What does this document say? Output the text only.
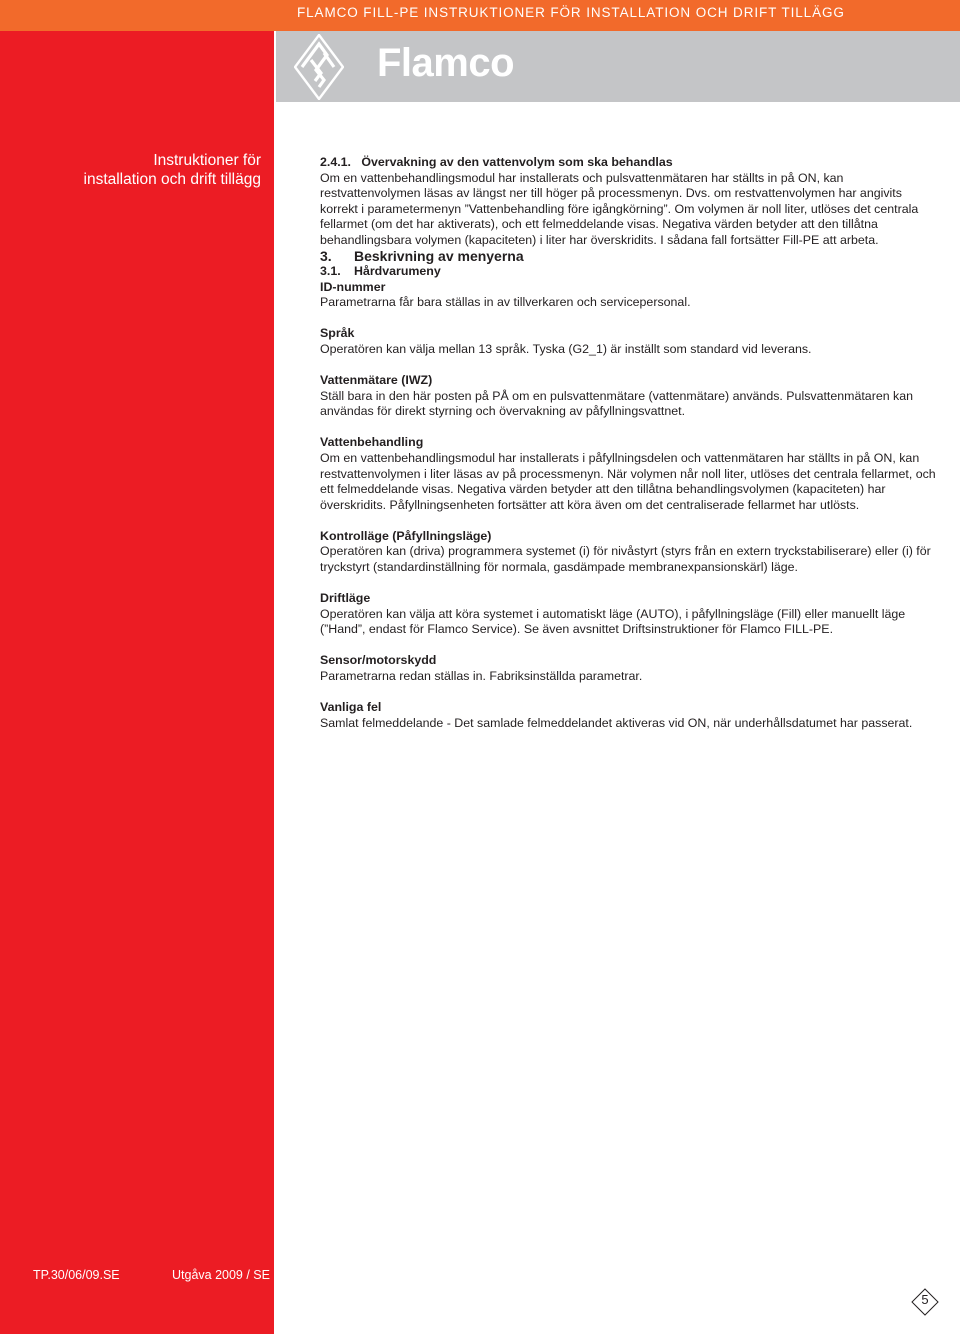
FLAMCO FILL-PE INSTRUKTIONER FÖR INSTALLATION OCH DRIFT TILLÄGG
Instruktioner för
installation och drift tillägg
TP.30/06/09.SE	Utgåva 2009 / SE
Flamco

2.4.1. Övervakning av den vattenvolym som ska behandlas

Om en vattenbehandlingsmodul har installerats och pulsvattenmätaren har ställts in på ON, kan restvattenvolymen läsas av längst ner till höger på processmenyn. Dvs. om restvattenvolymen har angivits korrekt i parametermenyn ”Vattenbehandling före igångkörning”. Om volymen är noll liter, utlöses det centrala fellarmet (om det har aktiverats), och ett felmeddelande visas. Negativa värden betyder att den tillåtna behandlingsbara volymen (kapaciteten) i liter har överskridits. I sådana fall fortsätter Fill-PE att arbeta.

3. Beskrivning av menyerna

3.1. Hårdvarumeny

ID-nummer

Parametrarna får bara ställas in av tillverkaren och servicepersonal.

Språk

Operatören kan välja mellan 13 språk. Tyska (G2_1) är inställt som standard vid leverans.

Vattenmätare (IWZ)

Ställ bara in den här posten på PÅ om en pulsvattenmätare (vattenmätare) används. Pulsvattenmätaren kan användas för direkt styrning och övervakning av påfyllningsvattnet.

Vattenbehandling

Om en vattenbehandlingsmodul har installerats i påfyllningsdelen och vattenmätaren har ställts in på ON, kan restvattenvolymen i liter läsas av på processmenyn. När volymen når noll liter, utlöses det centrala fellarmet, och ett felmeddelande visas. Negativa värden betyder att den tillåtna behandlingsvolymen (kapaciteten) har överskridits. Påfyllningsenheten fortsätter att köra även om det centraliserade fellarmet har utlösts.

Kontrolläge (Påfyllningsläge)

Operatören kan (driva) programmera systemet (i) för nivåstyrt (styrs från en extern tryckstabiliserare) eller (i) för tryckstyrt (standardinställning för normala, gasdämpade membranexpansionskärl) läge.

Driftläge

Operatören kan välja att köra systemet i automatiskt läge (AUTO), i påfyllningsläge (Fill) eller manuellt läge (”Hand”, endast för Flamco Service). Se även avsnittet Driftsinstruktioner för Flamco FILL-PE.

Sensor/motorskydd

Parametrarna redan ställas in. Fabriksinställda parametrar.

Vanliga fel

Samlat felmeddelande - Det samlade felmeddelandet aktiveras vid ON, när underhållsdatumet har passerat.

5
